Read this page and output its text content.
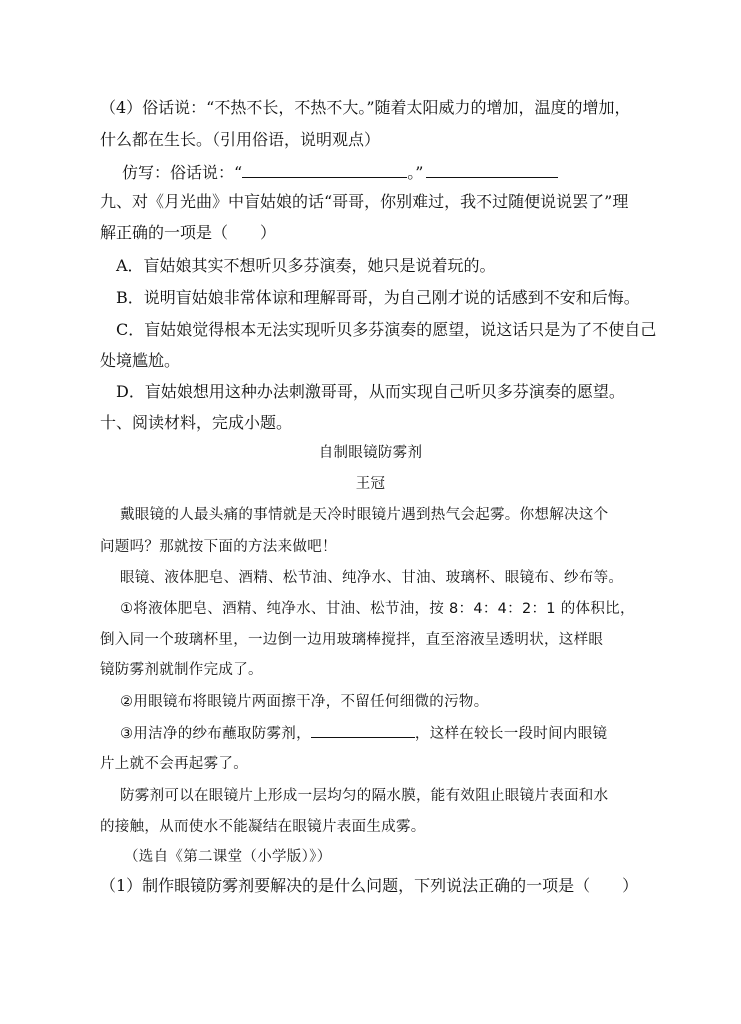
（4）俗话说：“不热不长，不热不大。”随着太阳威力的增加，温度的增加，
什么都在生长。（引用俗语，说明观点）
仿写：俗话说：“	。”
九、对《月光曲》中盲姑娘的话“哥哥，你别难过，我不过随便说说罢了”理
解正确的一项是（　　）
A．盲姑娘其实不想听贝多芬演奏，她只是说着玩的。
B．说明盲姑娘非常体谅和理解哥哥，为自己刚才说的话感到不安和后悔。
C．盲姑娘觉得根本无法实现听贝多芬演奏的愿望，说这话只是为了不使自己
处境尴尬。
D．盲姑娘想用这种办法刺激哥哥，从而实现自己听贝多芬演奏的愿望。
十、阅读材料，完成小题。
自制眼镜防雾剂
王冠
戴眼镜的人最头痛的事情就是天冷时眼镜片遇到热气会起雾。你想解决这个
问题吗？那就按下面的方法来做吧！
眼镜、液体肥皂、酒精、松节油、纯净水、甘油、玻璃杯、眼镜布、纱布等。
①将液体肥皂、酒精、纯净水、甘油、松节油，按 8：4：4：2：1 的体积比，
倒入同一个玻璃杯里，一边倒一边用玻璃棒搅拌，直至溶液呈透明状，这样眼
镜防雾剂就制作完成了。
②用眼镜布将眼镜片两面擦干净，不留任何细微的污物。
③用洁净的纱布蘸取防雾剂，	，这样在较长一段时间内眼镜
片上就不会再起雾了。
防雾剂可以在眼镜片上形成一层均匀的隔水膜，能有效阻止眼镜片表面和水
的接触，从而使水不能凝结在眼镜片表面生成雾。
（选自《第二课堂（小学版）》）
（1）制作眼镜防雾剂要解决的是什么问题，下列说法正确的一项是（　　）
